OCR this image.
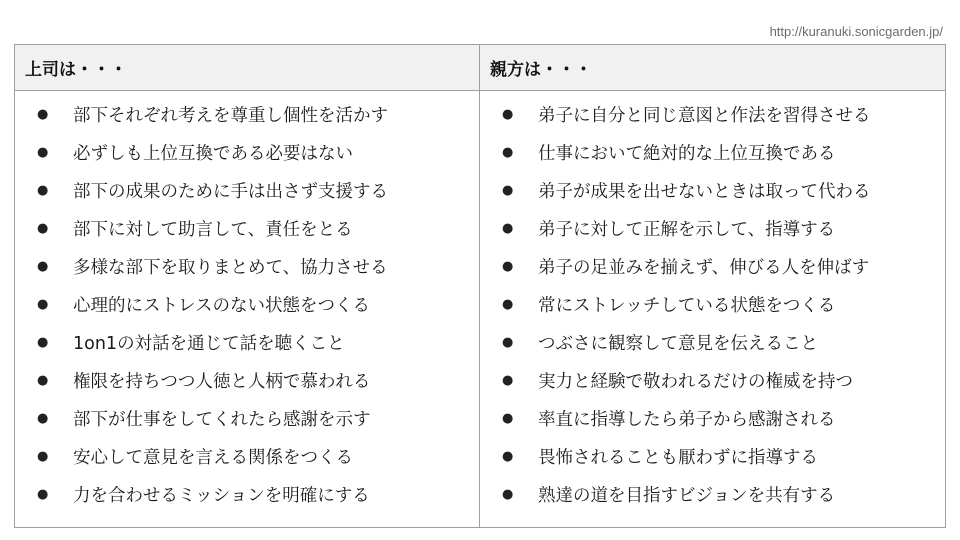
http://kuranuki.sonicgarden.jp/
上司は・・・
●	部下それぞれ考えを尊重し個性を活かす
●	必ずしも上位互換である必要はない
●	部下の成果のために手は出さず支援する
●	部下に対して助言して、責任をとる
●	多様な部下を取りまとめて、協力させる
●	心理的にストレスのない状態をつくる
●	1on1の対話を通じて話を聴くこと
●	権限を持ちつつ人徳と人柄で慕われる
●	部下が仕事をしてくれたら感謝を示す
●	安心して意見を言える関係をつくる
●	力を合わせるミッションを明確にする
親方は・・・
●	弟子に自分と同じ意図と作法を習得させる
●	仕事において絶対的な上位互換である
●	弟子が成果を出せないときは取って代わる
●	弟子に対して正解を示して、指導する
●	弟子の足並みを揃えず、伸びる人を伸ばす
●	常にストレッチしている状態をつくる
●	つぶさに観察して意見を伝えること
●	実力と経験で敬われるだけの権威を持つ
●	率直に指導したら弟子から感謝される
●	畏怖されることも厭わずに指導する
●	熟達の道を目指すビジョンを共有する
